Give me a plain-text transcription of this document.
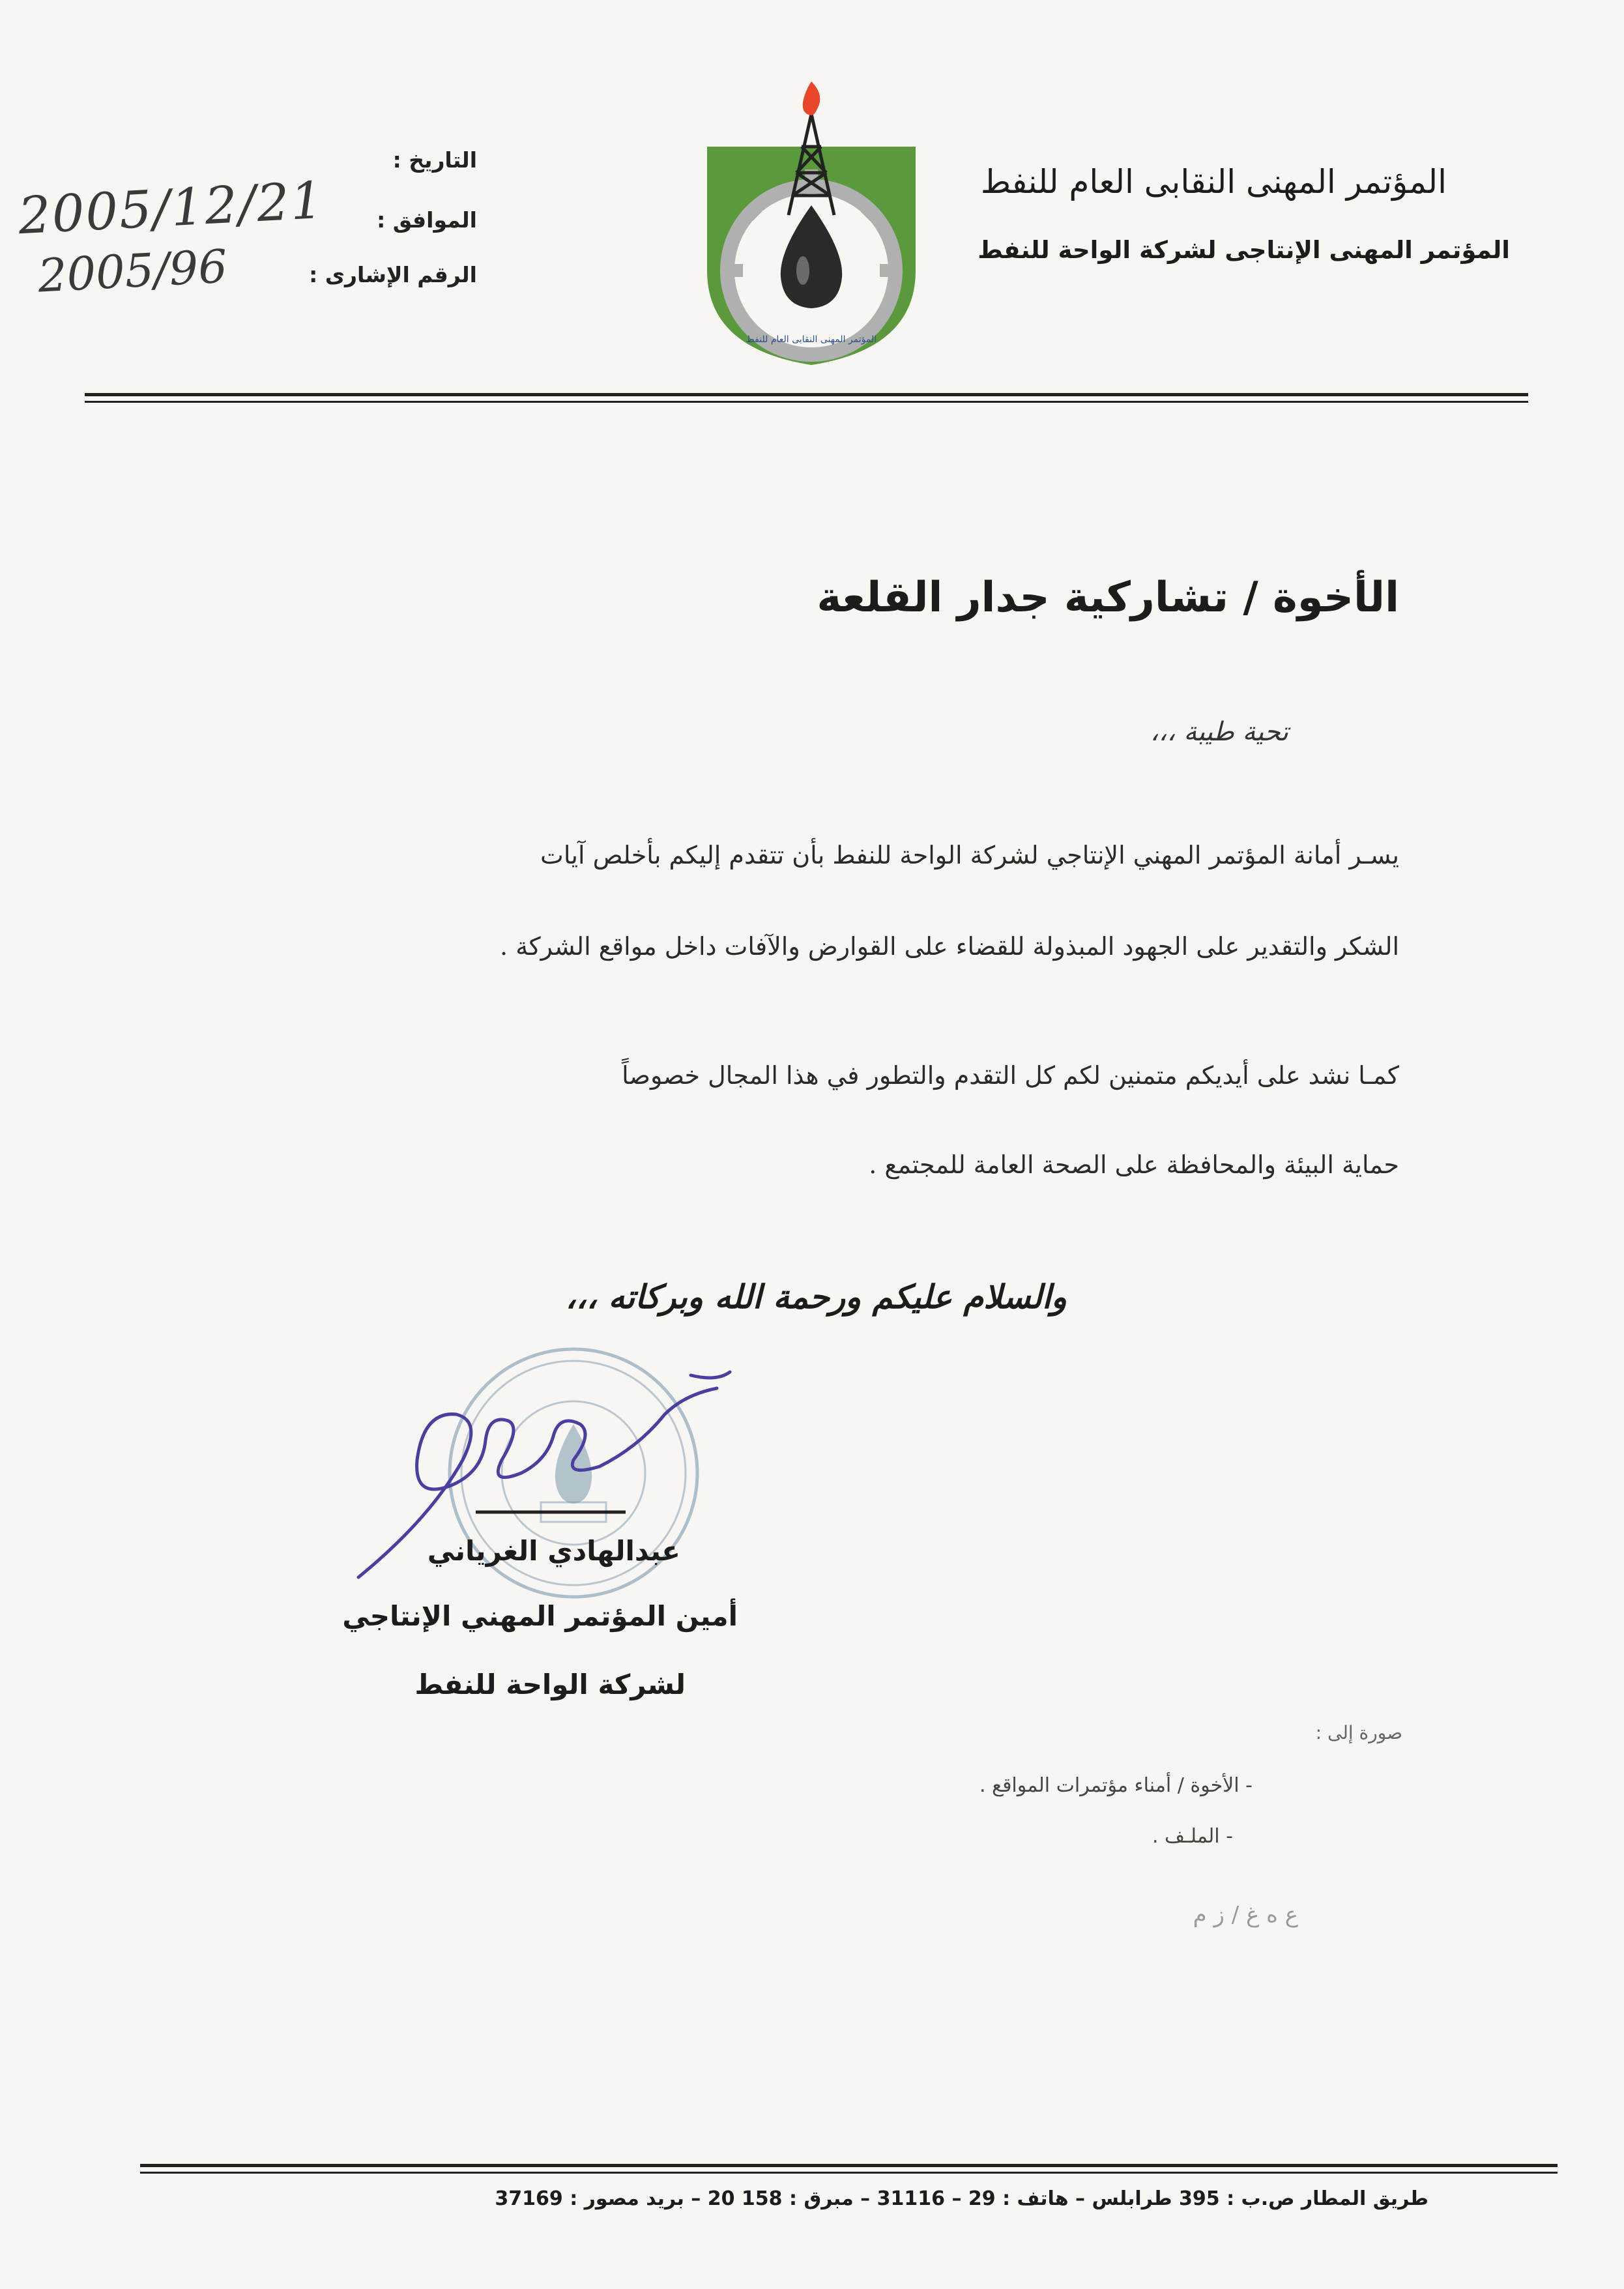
المؤتمر المهنى النقابى العام للنفط
المؤتمر المهنى الإنتاجى لشركة الواحة للنفط
التاريخ :
الموافق :
الرقم الإشارى :
2005/12/21
2005/96
المؤتمر المهنى النقابى العام للنفط
الأخوة / تشاركية جدار القلعة
تحية طيبة ،،،
يسـر أمانة المؤتمر المهني الإنتاجي لشركة الواحة للنفط بأن تتقدم إليكم بأخلص آيات
الشكر والتقدير على الجهود المبذولة للقضاء على القوارض والآفات داخل مواقع الشركة .
كمـا نشد على أيديكم متمنين لكم كل التقدم والتطور في هذا المجال خصوصاً
حماية البيئة والمحافظة على الصحة العامة للمجتمع .
والسلام عليكم ورحمة الله وبركاته ،،،
عبدالهادي الغرياني
أمين المؤتمر المهني الإنتاجي
لشركة الواحة للنفط
صورة إلى :
- الأخوة / أمناء مؤتمرات المواقع .
- الملـف .
ع ه غ / ز م
طريق المطار ص.ب : 395 طرابلس – هاتف : 29 – 31116 – مبرق : 158 20 – بريد مصور : 37169
